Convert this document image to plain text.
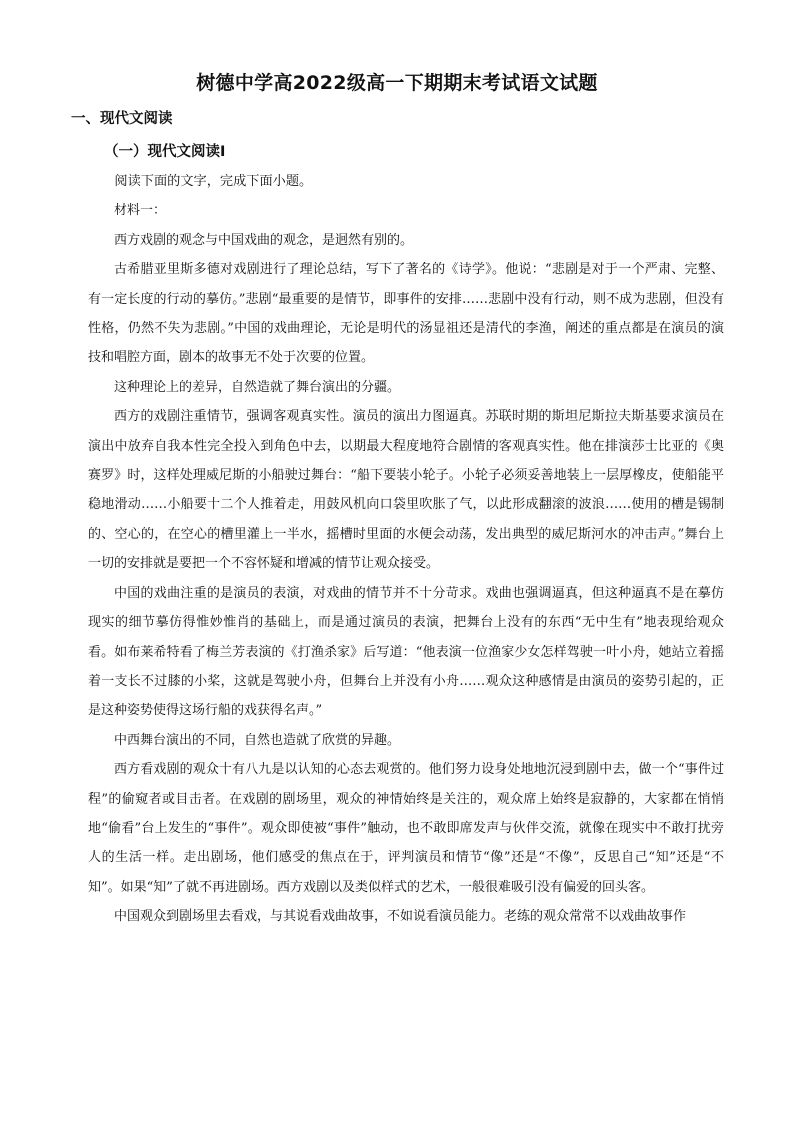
树德中学高2022级高一下期期末考试语文试题
一、现代文阅读
（一）现代文阅读Ⅰ

阅读下面的文字，完成下面小题。

材料一：

西方戏剧的观念与中国戏曲的观念，是迥然有别的。

古希腊亚里斯多德对戏剧进行了理论总结，写下了著名的《诗学》。他说：“悲剧是对于一个严肃、完整、有一定长度的行动的摹仿。”悲剧“最重要的是情节，即事件的安排……悲剧中没有行动，则不成为悲剧，但没有性格，仍然不失为悲剧。”中国的戏曲理论，无论是明代的汤显祖还是清代的李渔，阐述的重点都是在演员的演技和唱腔方面，剧本的故事无不处于次要的位置。

这种理论上的差异，自然造就了舞台演出的分疆。

西方的戏剧注重情节，强调客观真实性。演员的演出力图逼真。苏联时期的斯坦尼斯拉夫斯基要求演员在演出中放弃自我本性完全投入到角色中去，以期最大程度地符合剧情的客观真实性。他在排演莎士比亚的《奥赛罗》时，这样处理威尼斯的小船驶过舞台：“船下要装小轮子。小轮子必须妥善地装上一层厚橡皮，使船能平稳地滑动……小船要十二个人推着走，用鼓风机向口袋里吹胀了气，以此形成翻滚的波浪……使用的槽是锡制的、空心的，在空心的槽里灌上一半水，摇槽时里面的水便会动荡，发出典型的威尼斯河水的冲击声。”舞台上一切的安排就是要把一个不容怀疑和增减的情节让观众接受。

中国的戏曲注重的是演员的表演，对戏曲的情节并不十分苛求。戏曲也强调逼真，但这种逼真不是在摹仿现实的细节摹仿得惟妙惟肖的基础上，而是通过演员的表演，把舞台上没有的东西“无中生有”地表现给观众看。如布莱希特看了梅兰芳表演的《打渔杀家》后写道：“他表演一位渔家少女怎样驾驶一叶小舟，她站立着摇着一支长不过膝的小桨，这就是驾驶小舟，但舞台上并没有小舟……观众这种感情是由演员的姿势引起的，正是这种姿势使得这场行船的戏获得名声。”

中西舞台演出的不同，自然也造就了欣赏的异趣。

西方看戏剧的观众十有八九是以认知的心态去观赏的。他们努力设身处地地沉浸到剧中去，做一个“事件过程”的偷窥者或目击者。在戏剧的剧场里，观众的神情始终是关注的，观众席上始终是寂静的，大家都在悄悄地“偷看”台上发生的“事件”。观众即使被“事件”触动，也不敢即席发声与伙伴交流，就像在现实中不敢打扰旁人的生活一样。走出剧场，他们感受的焦点在于，评判演员和情节“像”还是“不像”，反思自己“知”还是“不知”。如果“知”了就不再进剧场。西方戏剧以及类似样式的艺术，一般很难吸引没有偏爱的回头客。

中国观众到剧场里去看戏，与其说看戏曲故事，不如说看演员能力。老练的观众常常不以戏曲故事作
